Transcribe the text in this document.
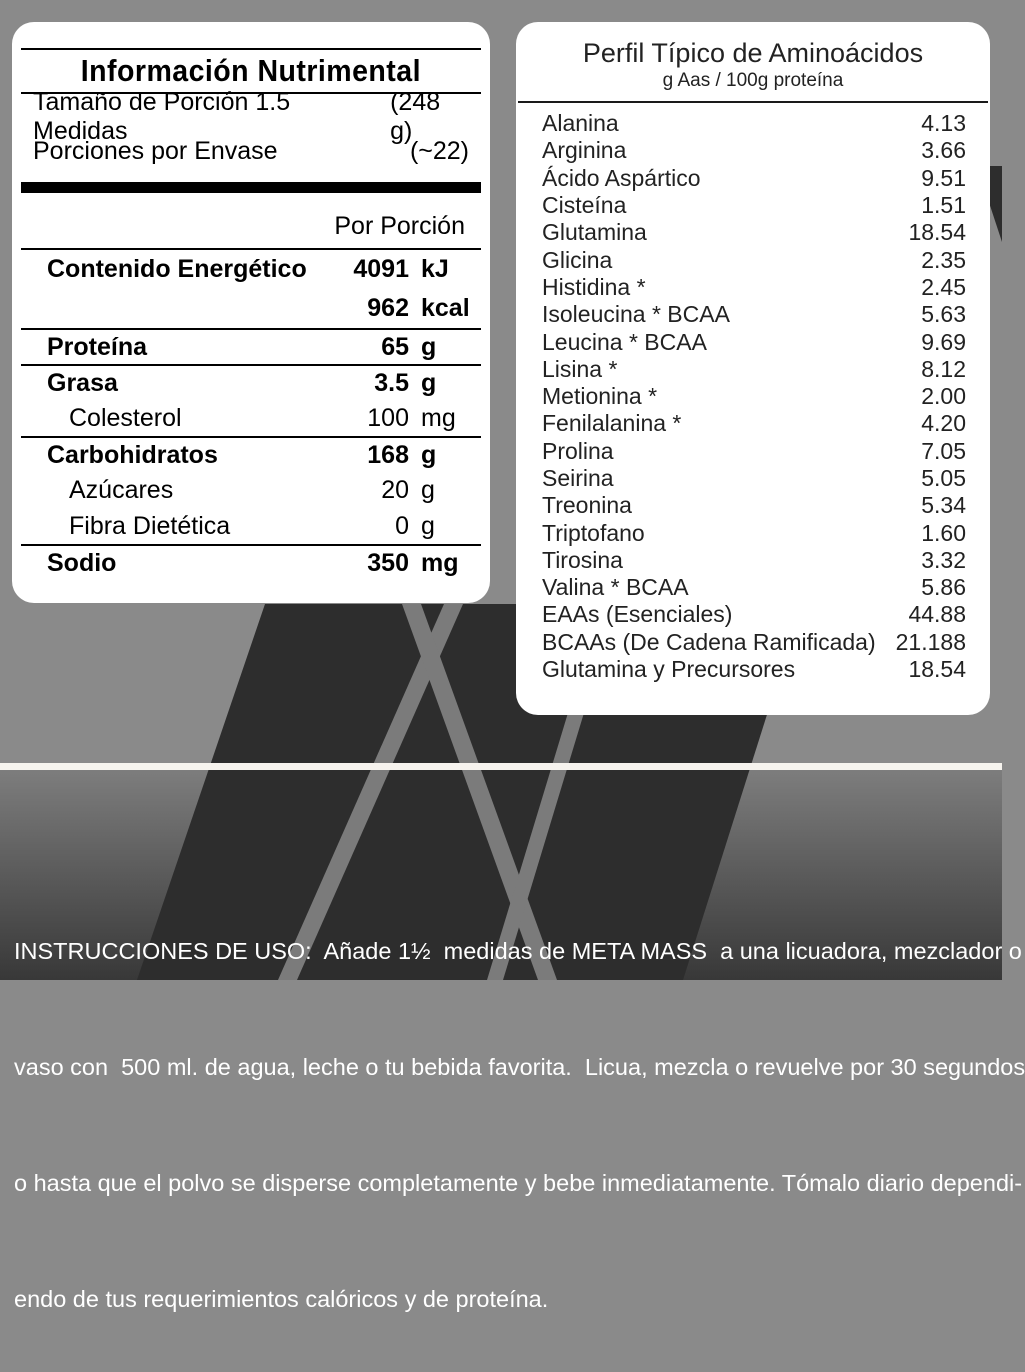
Información Nutrimental
Tamaño de Porción 1.5 Medidas
(248 g)
Porciones por Envase	(~22)
Por Porción
Contenido Energético	4091 kJ
962 kcal
Proteína	65 g
Grasa	3.5 g
Colesterol	100 mg
Carbohidratos	168 g
Azúcares	20 g
Fibra Dietética	0 g
Sodio	350 mg
Perfil Típico de Aminoácidos
g Aas / 100g proteína
Alanina	4.13
Arginina	3.66
Ácido Aspártico	9.51
Cisteína	1.51
Glutamina	18.54
Glicina	2.35
Histidina *	2.45
Isoleucina * BCAA	5.63
Leucina * BCAA	9.69
Lisina *	8.12
Metionina *	2.00
Fenilalanina *	4.20
Prolina	7.05
Seirina	5.05
Treonina	5.34
Triptofano	1.60
Tirosina	3.32
Valina * BCAA	5.86
EAAs (Esenciales)	44.88
BCAAs (De Cadena Ramificada) 21.188
Glutamina y Precursores	18.54

INSTRUCCIONES DE USO:  Añade 1½  medidas de META MASS  a una licuadora, mezclador o

vaso con  500 ml. de agua, leche o tu bebida favorita.  Licua, mezcla o revuelve por 30 segundos

o hasta que el polvo se disperse completamente y bebe inmediatamente. Tómalo diario dependi-

endo de tus requerimientos calóricos y de proteína.
